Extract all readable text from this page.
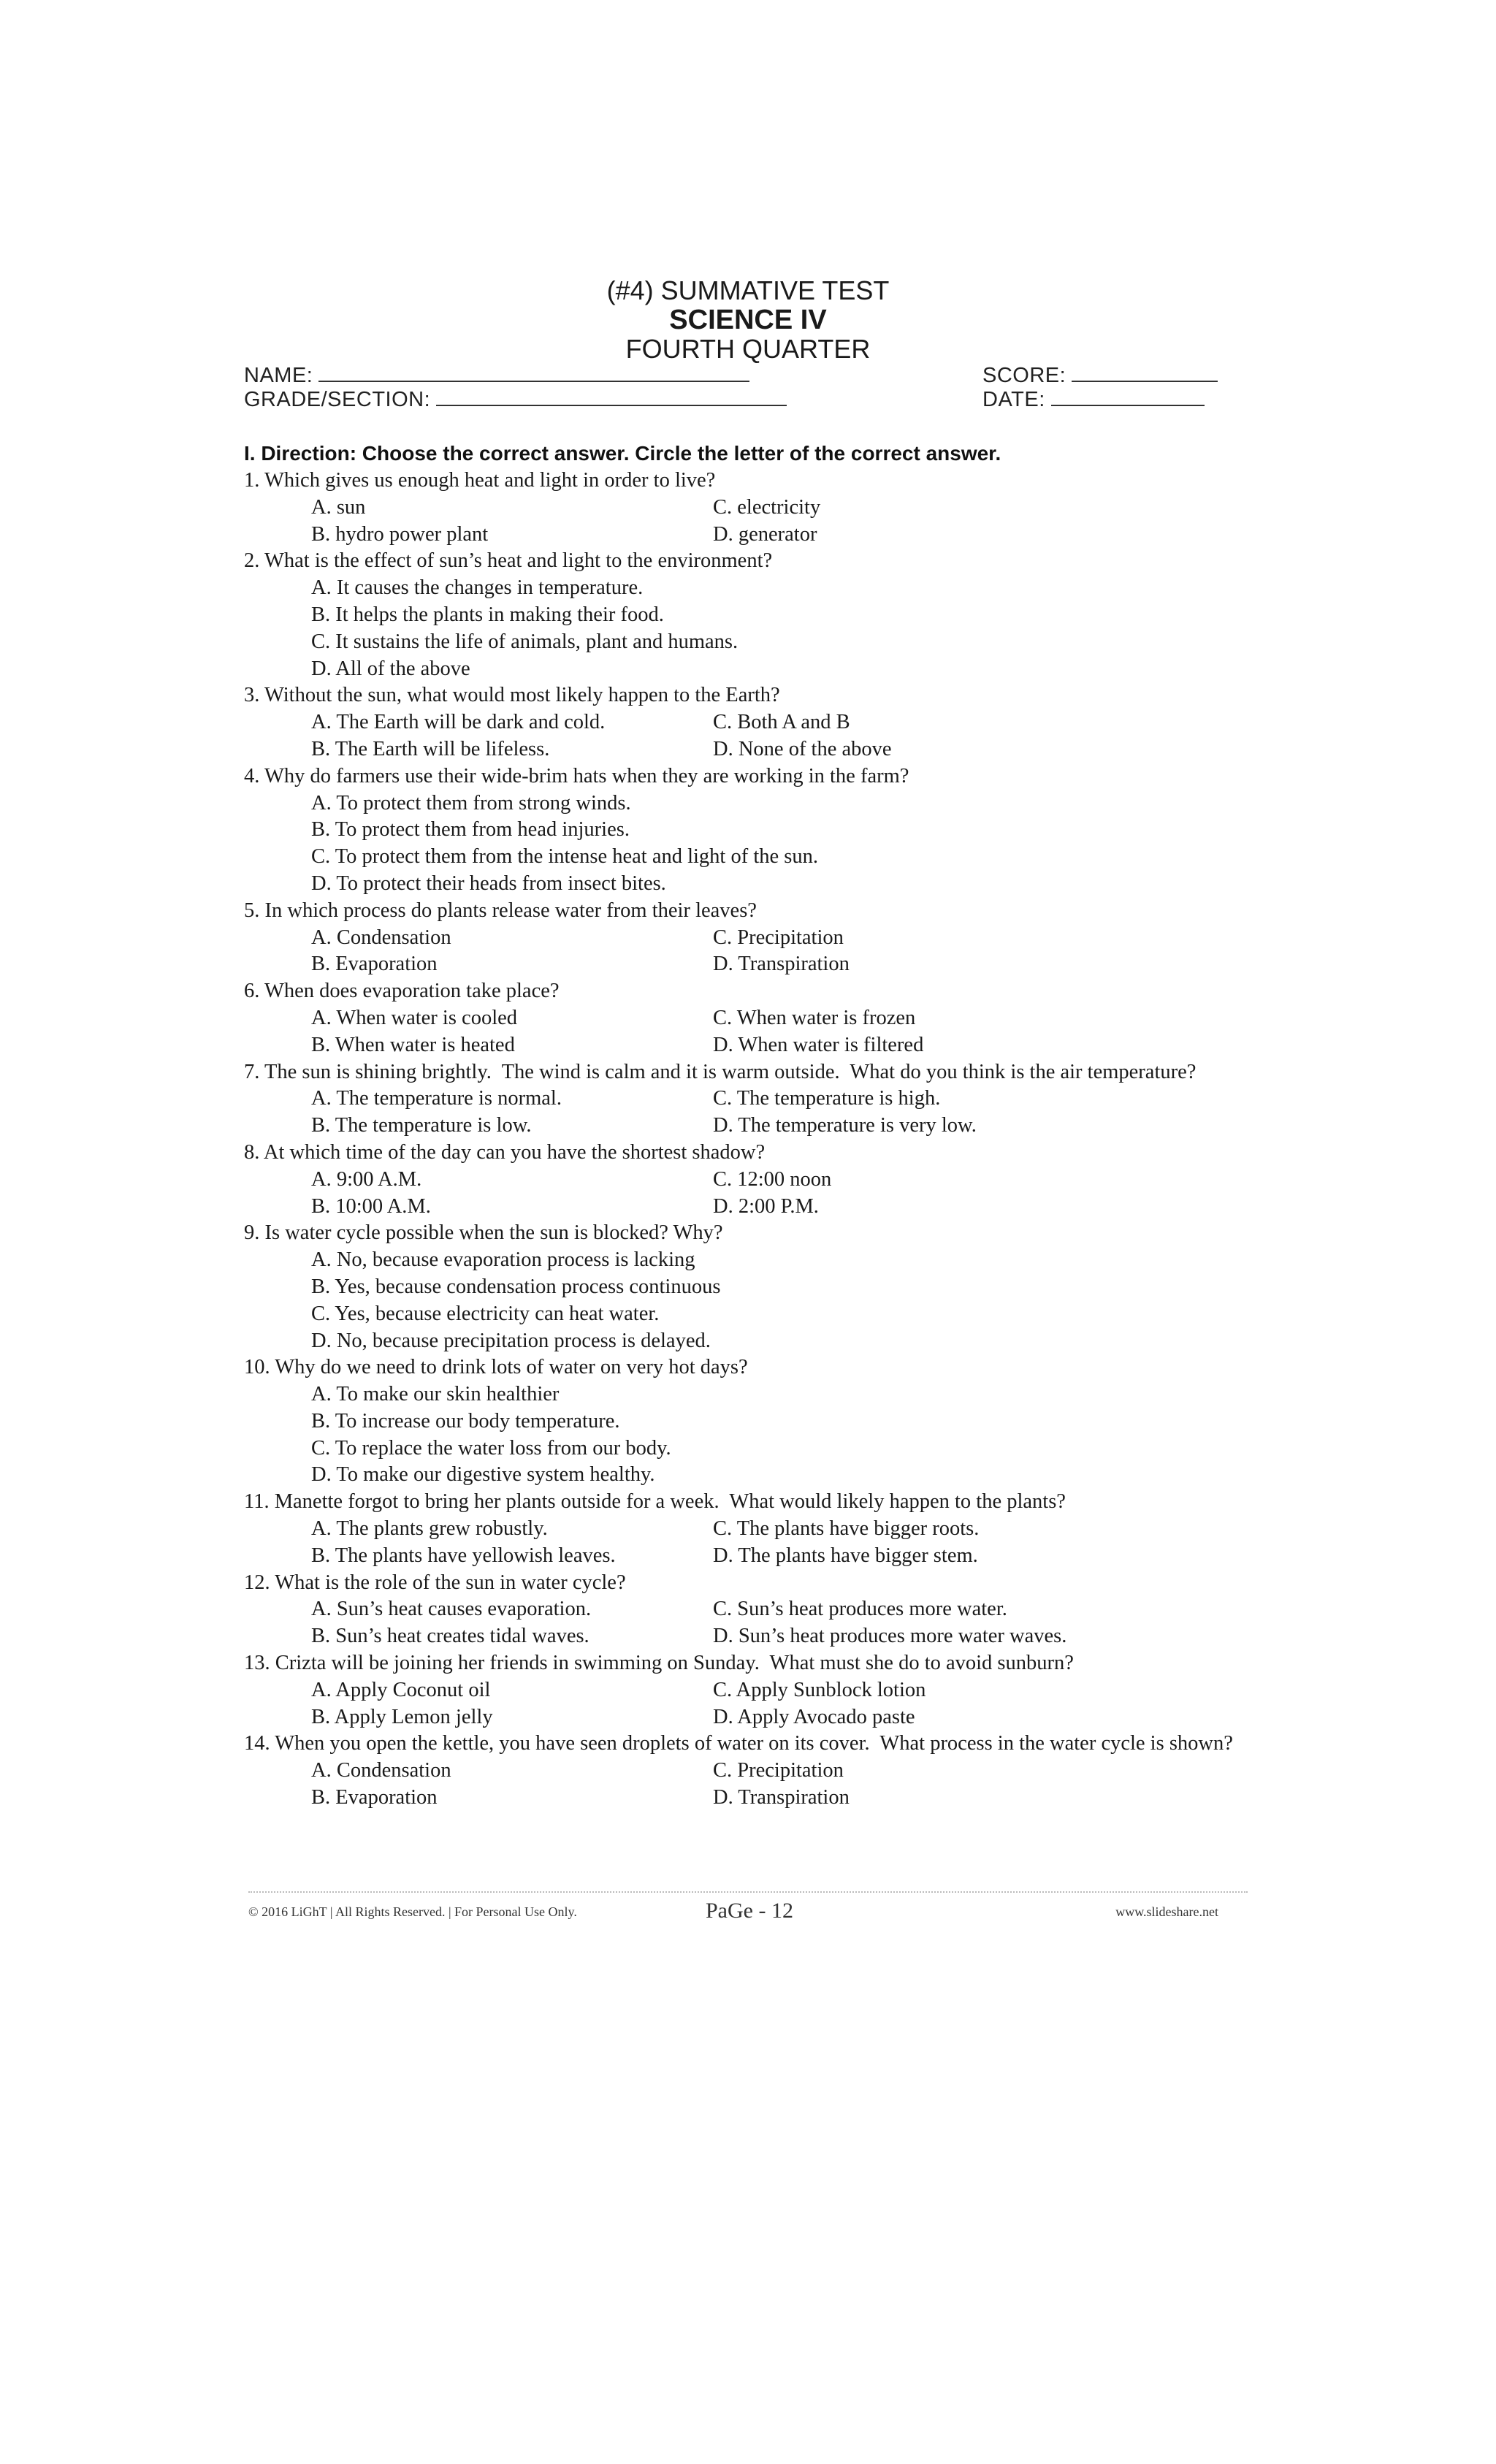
(#4) SUMMATIVE TEST
SCIENCE IV
FOURTH QUARTER
NAME:
GRADE/SECTION:
SCORE:
DATE:
I. Direction: Choose the correct answer. Circle the letter of the correct answer.
1. Which gives us enough heat and light in order to live?
A. sun	C. electricity
B. hydro power plant	D. generator
2. What is the effect of sun’s heat and light to the environment?
A. It causes the changes in temperature.
B. It helps the plants in making their food.
C. It sustains the life of animals, plant and humans.
D. All of the above
3. Without the sun, what would most likely happen to the Earth?
A. The Earth will be dark and cold.	C. Both A and B
B. The Earth will be lifeless.	D. None of the above
4. Why do farmers use their wide-brim hats when they are working in the farm?
A. To protect them from strong winds.
B. To protect them from head injuries.
C. To protect them from the intense heat and light of the sun.
D. To protect their heads from insect bites.
5. In which process do plants release water from their leaves?
A. Condensation	C. Precipitation
B. Evaporation	D. Transpiration
6. When does evaporation take place?
A. When water is cooled	C. When water is frozen
B. When water is heated	D. When water is filtered
7. The sun is shining brightly.  The wind is calm and it is warm outside.  What do you think is the air temperature?
A. The temperature is normal.	C. The temperature is high.
B. The temperature is low.	D. The temperature is very low.
8. At which time of the day can you have the shortest shadow?
A. 9:00 A.M.	C. 12:00 noon
B. 10:00 A.M.	D. 2:00 P.M.
9. Is water cycle possible when the sun is blocked? Why?
A. No, because evaporation process is lacking
B. Yes, because condensation process continuous
C. Yes, because electricity can heat water.
D. No, because precipitation process is delayed.
10. Why do we need to drink lots of water on very hot days?
A. To make our skin healthier
B. To increase our body temperature.
C. To replace the water loss from our body.
D. To make our digestive system healthy.
11. Manette forgot to bring her plants outside for a week.  What would likely happen to the plants?
A. The plants grew robustly.	C. The plants have bigger roots.
B. The plants have yellowish leaves.	D. The plants have bigger stem.
12. What is the role of the sun in water cycle?
A. Sun’s heat causes evaporation.	C. Sun’s heat produces more water.
B. Sun’s heat creates tidal waves.	D. Sun’s heat produces more water waves.
13. Crizta will be joining her friends in swimming on Sunday.  What must she do to avoid sunburn?
A. Apply Coconut oil	C. Apply Sunblock lotion
B. Apply Lemon jelly	D. Apply Avocado paste
14. When you open the kettle, you have seen droplets of water on its cover.  What process in the water cycle is shown?
A. Condensation	C. Precipitation
B. Evaporation	D. Transpiration
© 2016 LiGhT | All Rights Reserved. | For Personal Use Only.	PaGe - 12	www.slideshare.net
